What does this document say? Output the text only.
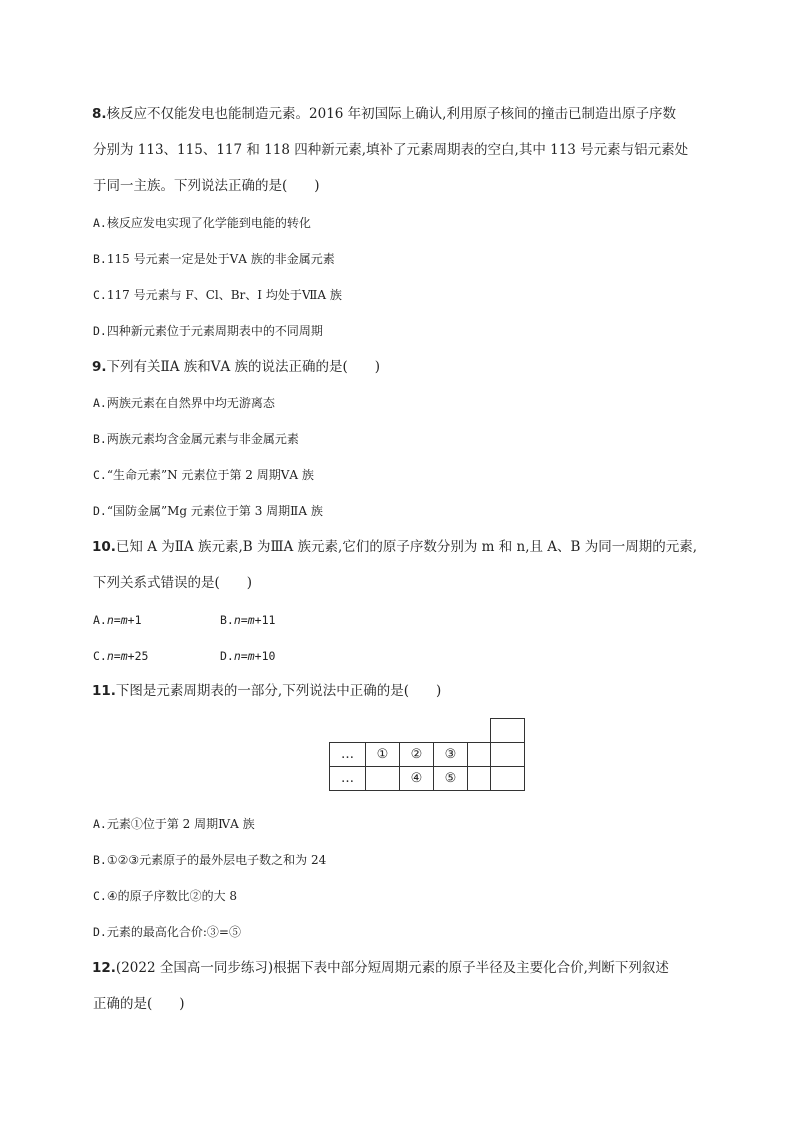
8.核反应不仅能发电也能制造元素。2016 年初国际上确认,利用原子核间的撞击已制造出原子序数
分别为 113、115、117 和 118 四种新元素,填补了元素周期表的空白,其中 113 号元素与铝元素处
于同一主族。下列说法正确的是(　　)
A.核反应发电实现了化学能到电能的转化
B.115 号元素一定是处于ⅤA 族的非金属元素
C.117 号元素与 F、Cl、Br、I 均处于ⅦA 族
D.四种新元素位于元素周期表中的不同周期
9.下列有关ⅡA 族和ⅤA 族的说法正确的是(　　)
A.两族元素在自然界中均无游离态
B.两族元素均含金属元素与非金属元素
C.“生命元素”N 元素位于第 2 周期ⅤA 族
D.“国防金属”Mg 元素位于第 3 周期ⅡA 族
10.已知 A 为ⅡA 族元素,B 为ⅢA 族元素,它们的原子序数分别为 m 和 n,且 A、B 为同一周期的元素,
下列关系式错误的是(　　)
A.n=m+1	B.n=m+11
C.n=m+25	D.n=m+10
11.下图是元素周期表的一部分,下列说法中正确的是(　　)

…	①	②	③		
…		④	⑤		
A.元素①位于第 2 周期ⅣA 族
B.①②③元素原子的最外层电子数之和为 24
C.④的原子序数比②的大 8
D.元素的最高化合价:③=⑤
12.(2022 全国高一同步练习)根据下表中部分短周期元素的原子半径及主要化合价,判断下列叙述
正确的是(　　)
